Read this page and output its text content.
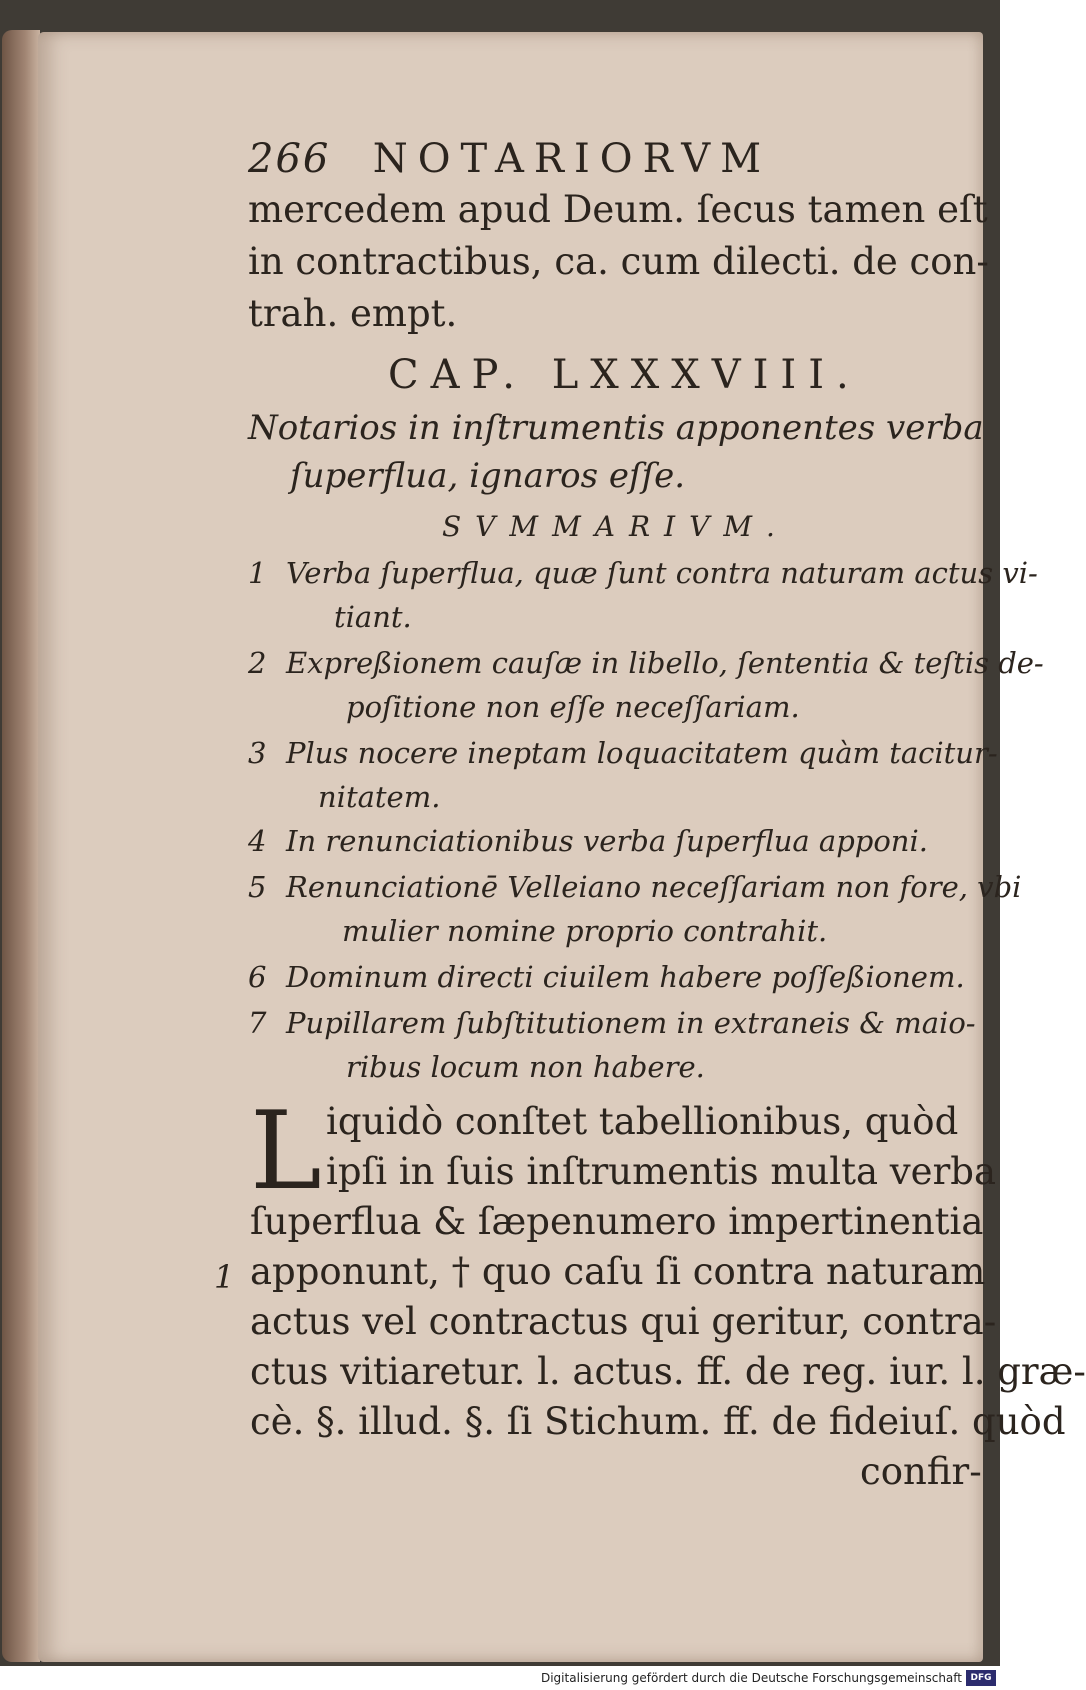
266 NOTARIORVM
mercedem apud Deum. ſecus tamen eſt
in contractibus, ca. cum dilecti. de con-
trah. empt.
CAP. LXXXVIII.
Notarios in inſtrumentis apponentes verba
ſuperflua, ignaros eſſe.
SVMMARIVM.
1 Verba ſuperflua, quæ ſunt contra naturam actus vi-
tiant.
2 Expreßionem cauſæ in libello, ſententia & teſtis de-
poſitione non eſſe neceſſariam.
3 Plus nocere ineptam loquacitatem quàm tacitur-
nitatem.
4 In renunciationibus verba ſuperflua apponi.
5 Renunciationē Velleiano neceſſariam non fore, vbi
mulier nomine proprio contrahit.
6 Dominum directi ciuilem habere poſſeßionem.
7 Pupillarem ſubſtitutionem in extraneis & maio-
ribus locum non habere.
L
1
iquidò conſtet tabellionibus, quòd
ipſi in ſuis inſtrumentis multa verba
ſuperflua & ſæpenumero impertinentia
apponunt, † quo caſu ſi contra naturam
actus vel contractus qui geritur, contra-
ctus vitiaretur. l. actus. ff. de reg. iur. l. græ-
cè. §. illud. §. ſi Stichum. ff. de fideiuſ. quòd
confir-
Digitalisierung gefördert durch die Deutsche Forschungsgemeinschaft DFG
